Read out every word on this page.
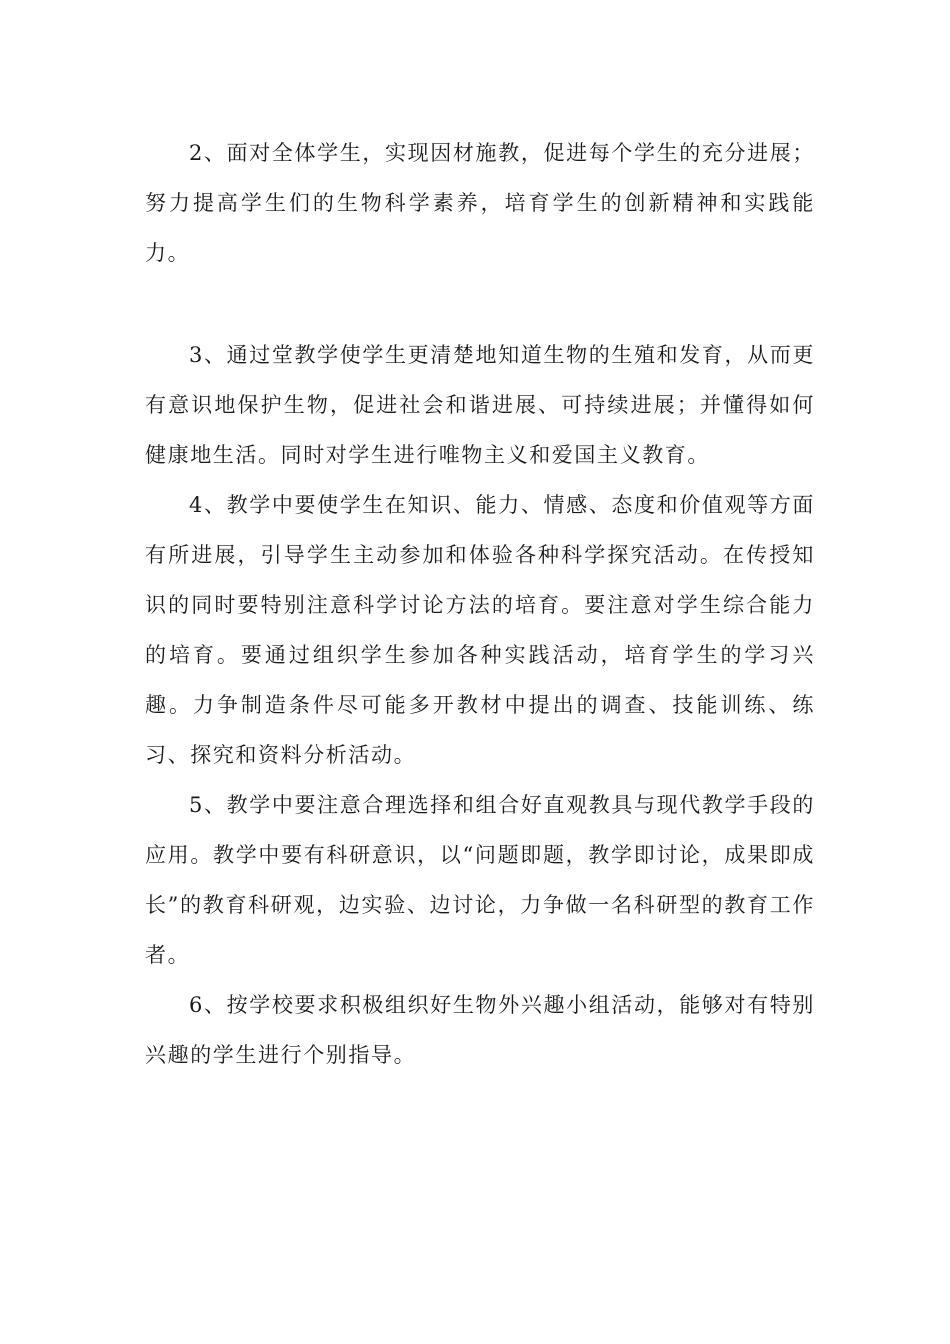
2、面对全体学生，实现因材施教，促进每个学生的充分进展；努力提高学生们的生物科学素养，培育学生的创新精神和实践能力。

3、通过堂教学使学生更清楚地知道生物的生殖和发育，从而更有意识地保护生物，促进社会和谐进展、可持续进展；并懂得如何健康地生活。同时对学生进行唯物主义和爱国主义教育。

4、教学中要使学生在知识、能力、情感、态度和价值观等方面有所进展，引导学生主动参加和体验各种科学探究活动。在传授知识的同时要特别注意科学讨论方法的培育。要注意对学生综合能力的培育。要通过组织学生参加各种实践活动，培育学生的学习兴趣。力争制造条件尽可能多开教材中提出的调查、技能训练、练习、探究和资料分析活动。

5、教学中要注意合理选择和组合好直观教具与现代教学手段的应用。教学中要有科研意识，以“问题即题，教学即讨论，成果即成长”的教育科研观，边实验、边讨论，力争做一名科研型的教育工作者。

6、按学校要求积极组织好生物外兴趣小组活动，能够对有特别兴趣的学生进行个别指导。
